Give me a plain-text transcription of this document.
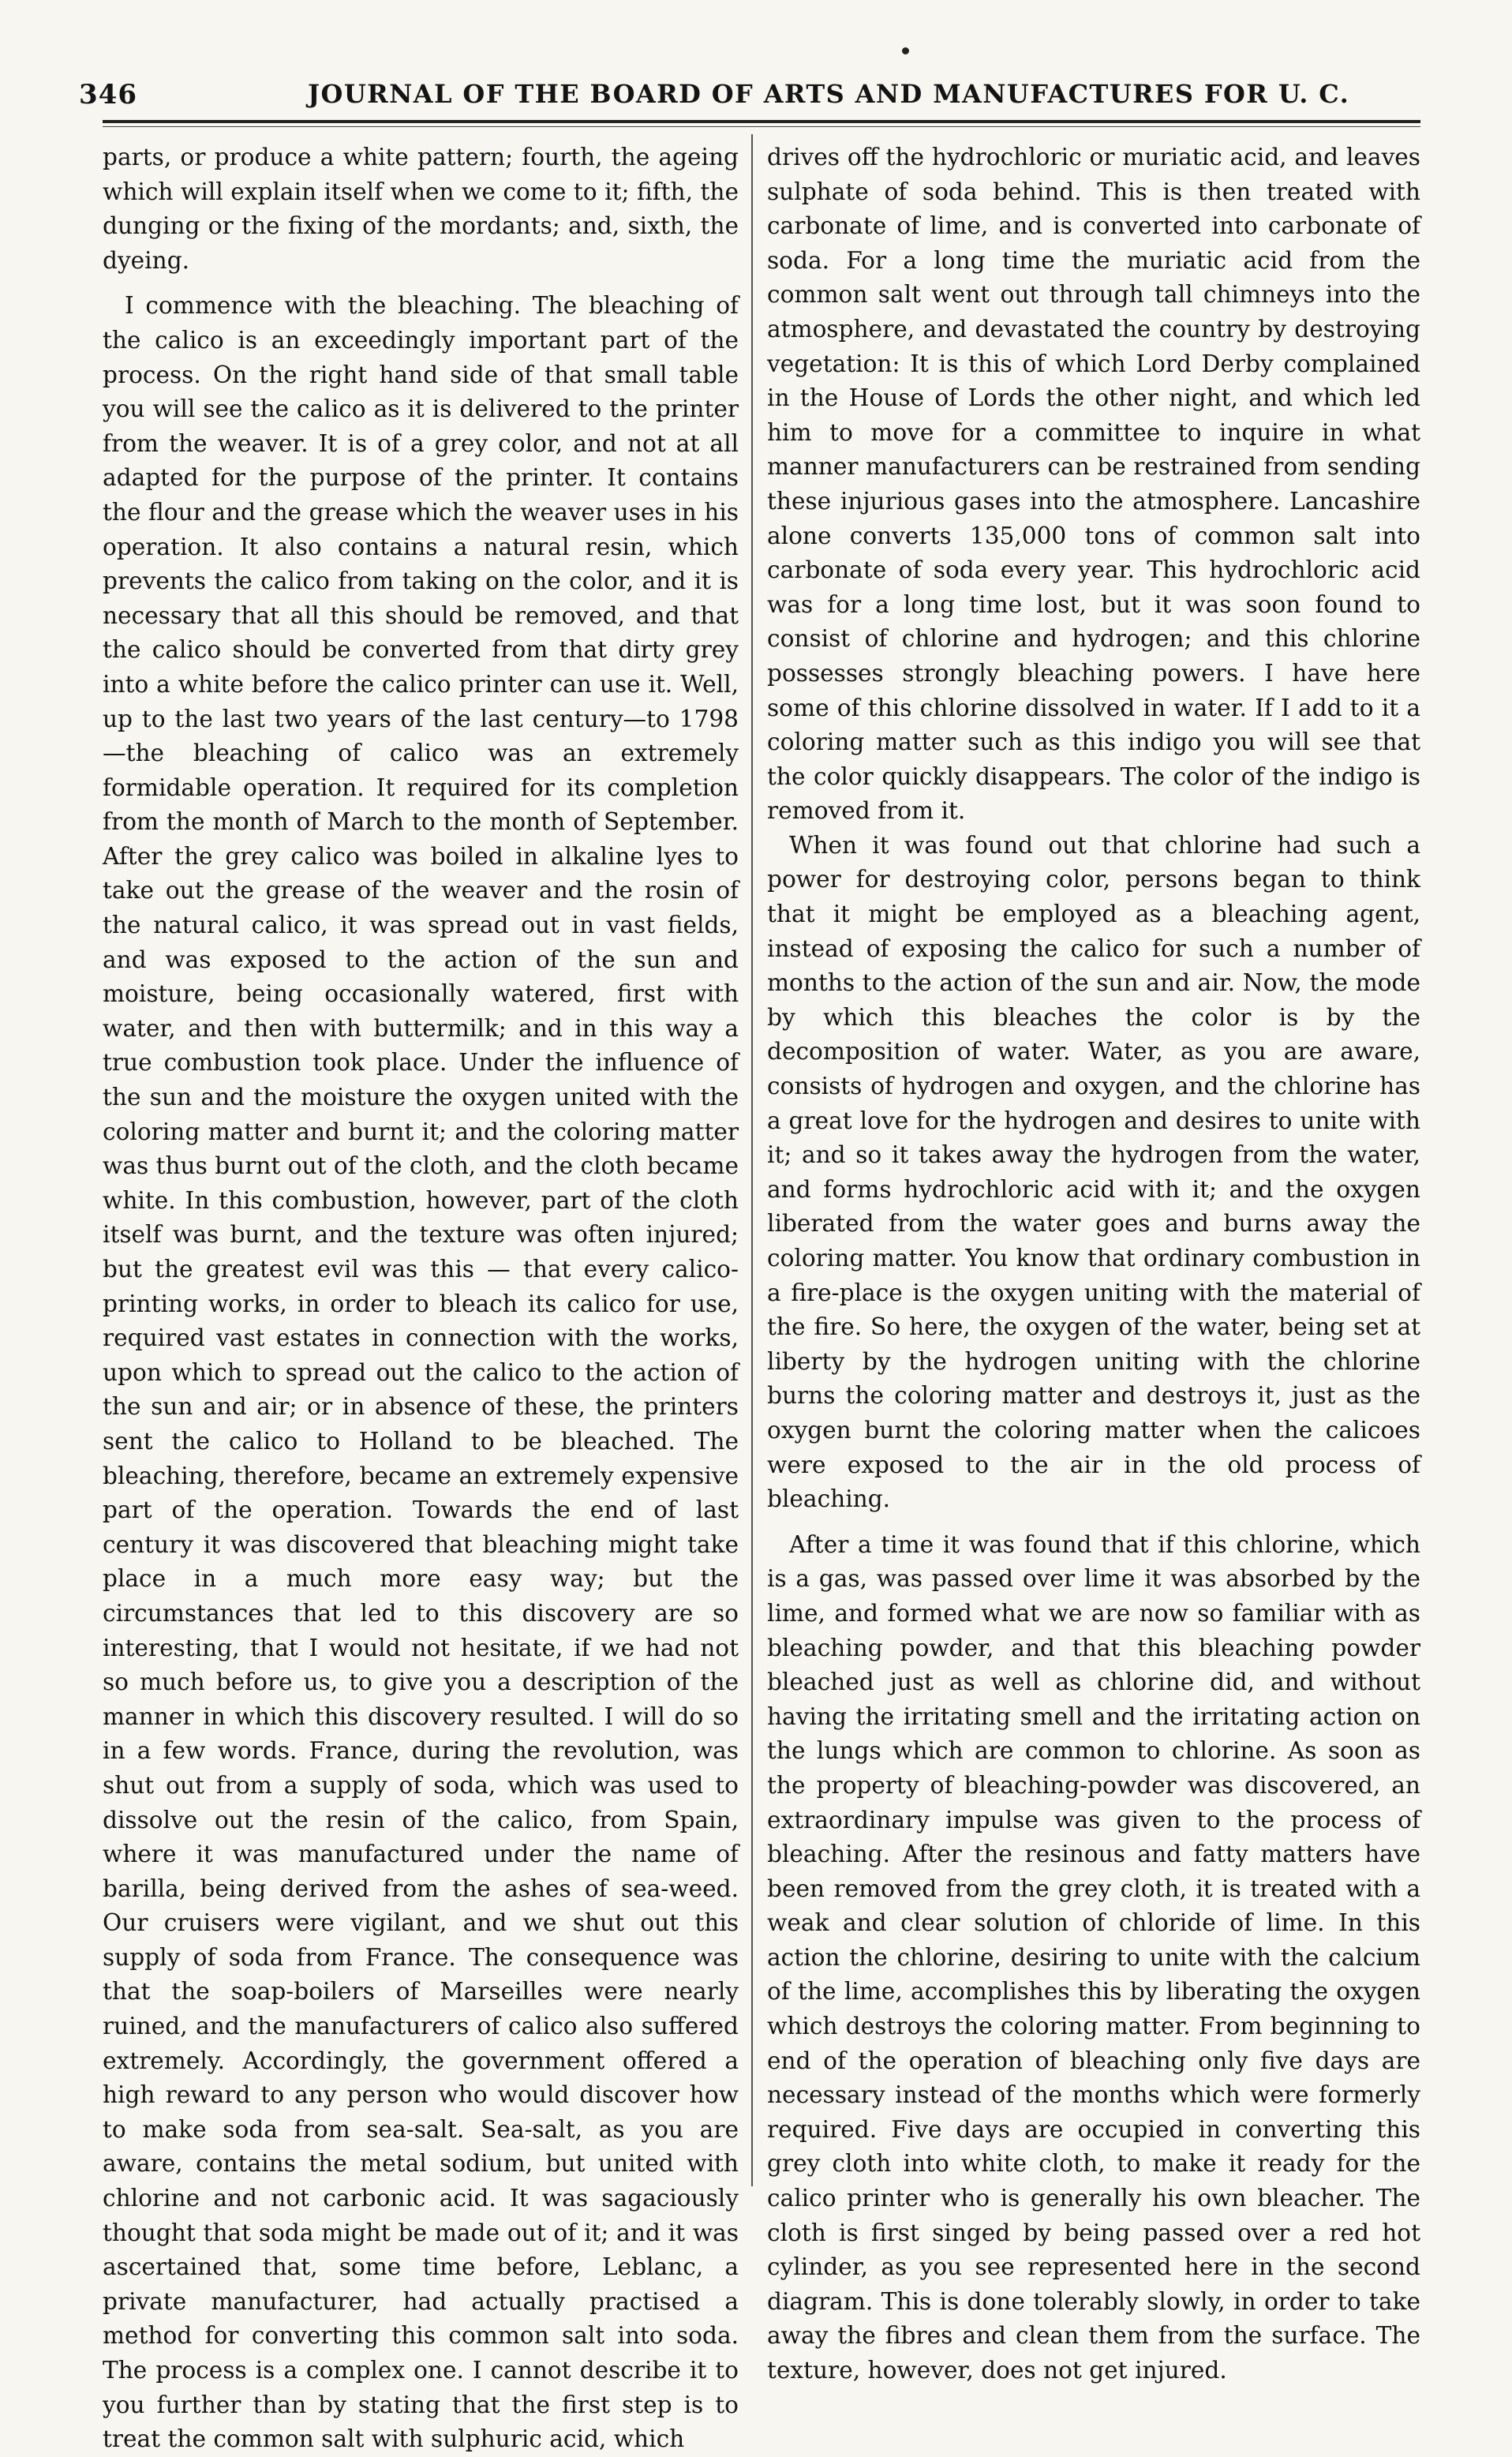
346	JOURNAL OF THE BOARD OF ARTS AND MANUFACTURES FOR U. C.

parts, or produce a white pattern; fourth, the ageing which will explain itself when we come to it; fifth, the dunging or the fixing of the mordants; and, sixth, the dyeing.

I commence with the bleaching. The bleaching of the calico is an exceedingly important part of the process. On the right hand side of that small table you will see the calico as it is delivered to the printer from the weaver. It is of a grey color, and not at all adapted for the purpose of the printer. It contains the flour and the grease which the weaver uses in his operation. It also contains a natural resin, which prevents the calico from taking on the color, and it is necessary that all this should be removed, and that the calico should be converted from that dirty grey into a white before the calico printer can use it. Well, up to the last two years of the last century—to 1798—the bleaching of calico was an extremely formidable operation. It required for its completion from the month of March to the month of September. After the grey calico was boiled in alkaline lyes to take out the grease of the weaver and the rosin of the natural calico, it was spread out in vast fields, and was exposed to the action of the sun and moisture, being occasionally watered, first with water, and then with buttermilk; and in this way a true combustion took place. Under the influence of the sun and the moisture the oxygen united with the coloring matter and burnt it; and the coloring matter was thus burnt out of the cloth, and the cloth became white. In this combustion, however, part of the cloth itself was burnt, and the texture was often injured; but the greatest evil was this — that every calico-printing works, in order to bleach its calico for use, required vast estates in connection with the works, upon which to spread out the calico to the action of the sun and air; or in absence of these, the printers sent the calico to Holland to be bleached. The bleaching, therefore, became an extremely expensive part of the operation. Towards the end of last century it was discovered that bleaching might take place in a much more easy way; but the circumstances that led to this discovery are so interesting, that I would not hesitate, if we had not so much before us, to give you a description of the manner in which this discovery resulted. I will do so in a few words. France, during the revolution, was shut out from a supply of soda, which was used to dissolve out the resin of the calico, from Spain, where it was manufactured under the name of barilla, being derived from the ashes of sea-weed. Our cruisers were vigilant, and we shut out this supply of soda from France. The consequence was that the soap-boilers of Marseilles were nearly ruined, and the manufacturers of calico also suffered extremely. Accordingly, the government offered a high reward to any person who would discover how to make soda from sea-salt. Sea-salt, as you are aware, contains the metal sodium, but united with chlorine and not carbonic acid. It was sagaciously thought that soda might be made out of it; and it was ascertained that, some time before, Leblanc, a private manufacturer, had actually practised a method for converting this common salt into soda. The process is a complex one. I cannot describe it to you further than by stating that the first step is to treat the common salt with sulphuric acid, which

drives off the hydrochloric or muriatic acid, and leaves sulphate of soda behind. This is then treated with carbonate of lime, and is converted into carbonate of soda. For a long time the muriatic acid from the common salt went out through tall chimneys into the atmosphere, and devastated the country by destroying vegetation: It is this of which Lord Derby complained in the House of Lords the other night, and which led him to move for a committee to inquire in what manner manufacturers can be restrained from sending these injurious gases into the atmosphere. Lancashire alone converts 135,000 tons of common salt into carbonate of soda every year. This hydrochloric acid was for a long time lost, but it was soon found to consist of chlorine and hydrogen; and this chlorine possesses strongly bleaching powers. I have here some of this chlorine dissolved in water. If I add to it a coloring matter such as this indigo you will see that the color quickly disappears. The color of the indigo is removed from it.

When it was found out that chlorine had such a power for destroying color, persons began to think that it might be employed as a bleaching agent, instead of exposing the calico for such a number of months to the action of the sun and air. Now, the mode by which this bleaches the color is by the decomposition of water. Water, as you are aware, consists of hydrogen and oxygen, and the chlorine has a great love for the hydrogen and desires to unite with it; and so it takes away the hydrogen from the water, and forms hydrochloric acid with it; and the oxygen liberated from the water goes and burns away the coloring matter. You know that ordinary combustion in a fire-place is the oxygen uniting with the material of the fire. So here, the oxygen of the water, being set at liberty by the hydrogen uniting with the chlorine burns the coloring matter and destroys it, just as the oxygen burnt the coloring matter when the calicoes were exposed to the air in the old process of bleaching.

After a time it was found that if this chlorine, which is a gas, was passed over lime it was absorbed by the lime, and formed what we are now so familiar with as bleaching powder, and that this bleaching powder bleached just as well as chlorine did, and without having the irritating smell and the irritating action on the lungs which are common to chlorine. As soon as the property of bleaching-powder was discovered, an extraordinary impulse was given to the process of bleaching. After the resinous and fatty matters have been removed from the grey cloth, it is treated with a weak and clear solution of chloride of lime. In this action the chlorine, desiring to unite with the calcium of the lime, accomplishes this by liberating the oxygen which destroys the coloring matter. From beginning to end of the operation of bleaching only five days are necessary instead of the months which were formerly required. Five days are occupied in converting this grey cloth into white cloth, to make it ready for the calico printer who is generally his own bleacher. The cloth is first singed by being passed over a red hot cylinder, as you see represented here in the second diagram. This is done tolerably slowly, in order to take away the fibres and clean them from the surface. The texture, however, does not get injured.
